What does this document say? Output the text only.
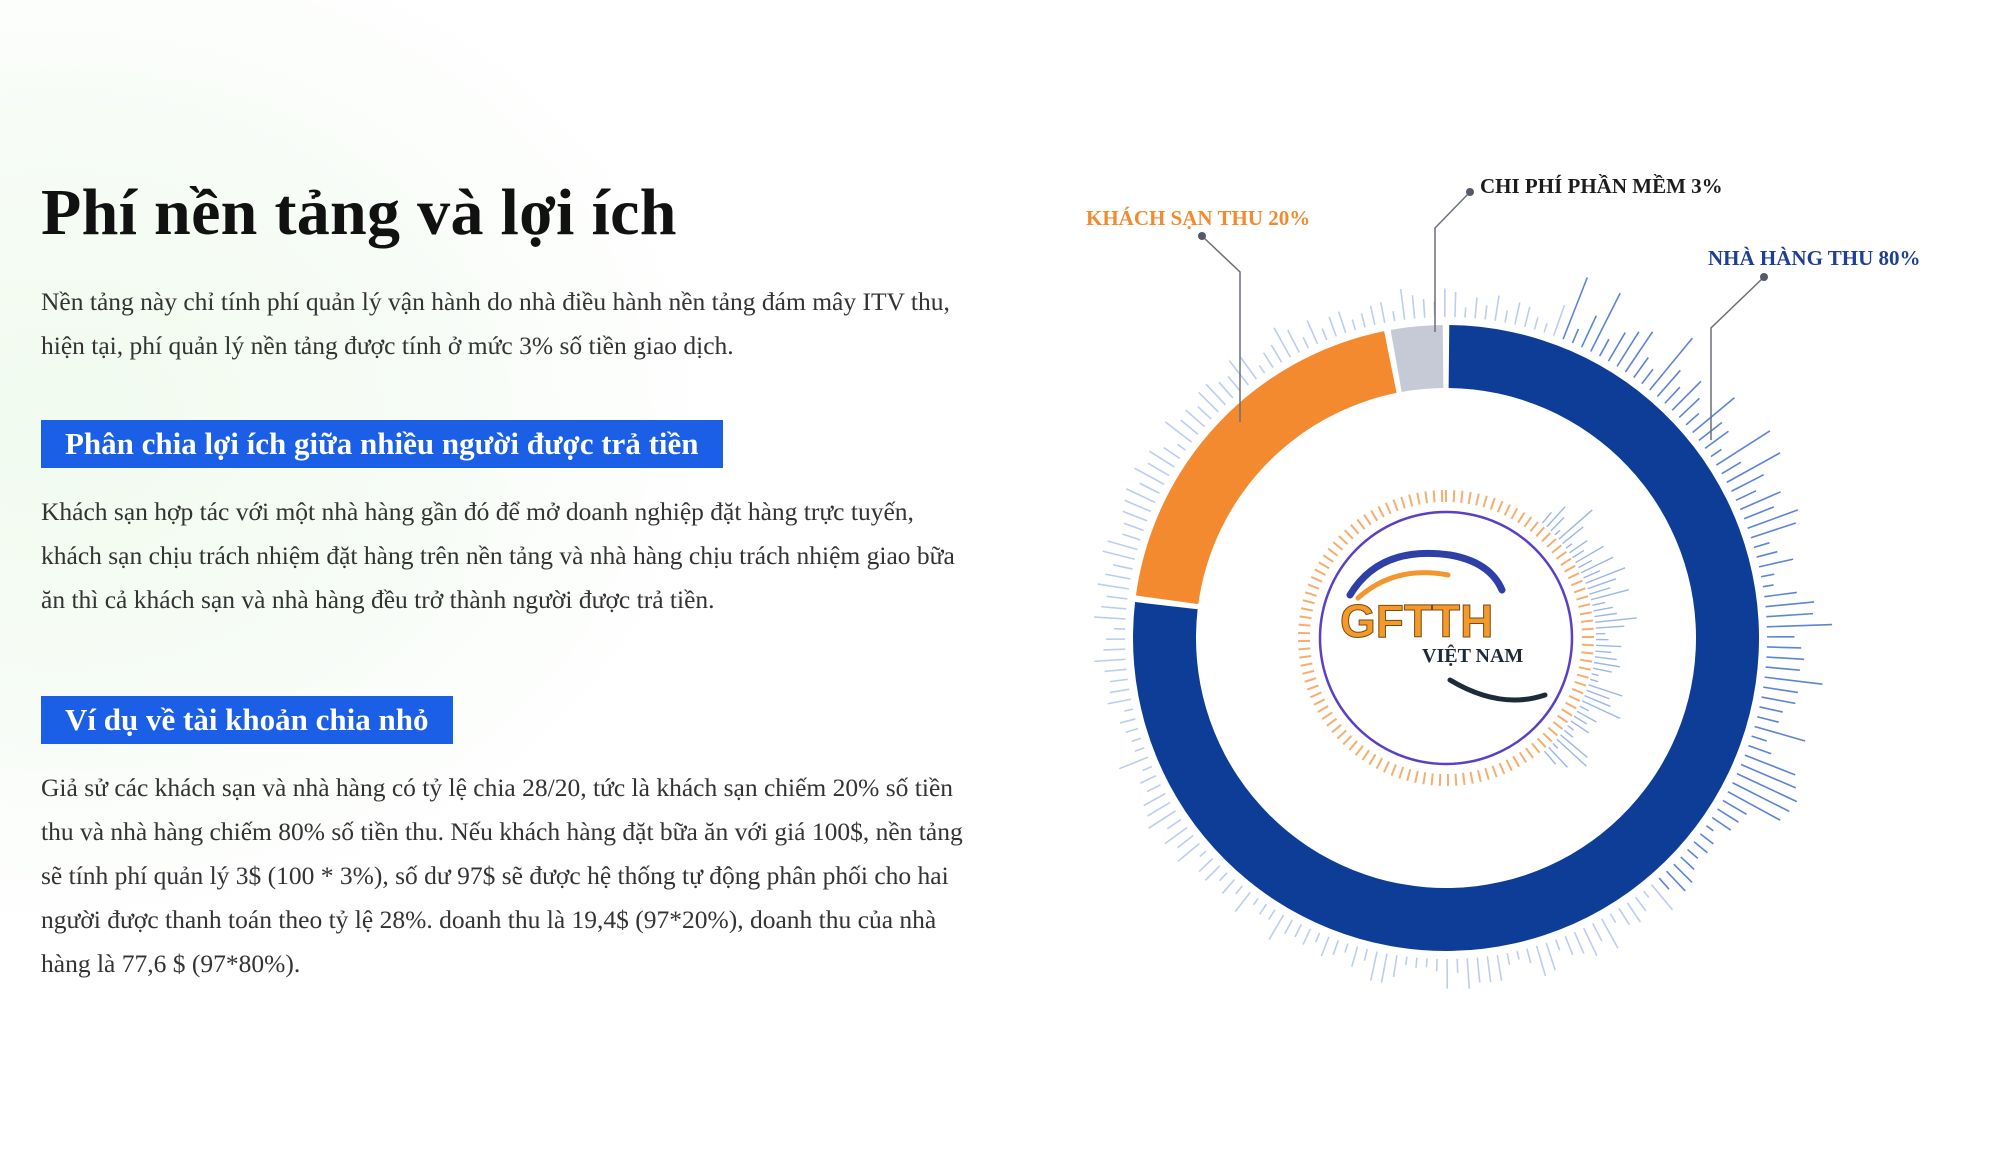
Phí nền tảng và lợi ích

Nền tảng này chỉ tính phí quản lý vận hành do nhà điều hành nền tảng đám mây ITV thu, hiện tại, phí quản lý nền tảng được tính ở mức 3% số tiền giao dịch.

Phân chia lợi ích giữa nhiều người được trả tiền

Khách sạn hợp tác với một nhà hàng gần đó để mở doanh nghiệp đặt hàng trực tuyến, khách sạn chịu trách nhiệm đặt hàng trên nền tảng và nhà hàng chịu trách nhiệm giao bữa ăn thì cả khách sạn và nhà hàng đều trở thành người được trả tiền.

Ví dụ về tài khoản chia nhỏ

Giả sử các khách sạn và nhà hàng có tỷ lệ chia 28/20, tức là khách sạn chiếm 20% số tiền thu và nhà hàng chiếm 80% số tiền thu. Nếu khách hàng đặt bữa ăn với giá 100$, nền tảng sẽ tính phí quản lý 3$ (100 * 3%), số dư 97$ sẽ được hệ thống tự động phân phối cho hai người được thanh toán theo tỷ lệ 28%. doanh thu là 19,4$ (97*20%), doanh thu của nhà hàng là 77,6 $ (97*80%).

GFTTH
VIỆT NAM
KHÁCH SẠN THU 20%
CHI PHÍ PHẦN MỀM 3%
NHÀ HÀNG THU 80%
